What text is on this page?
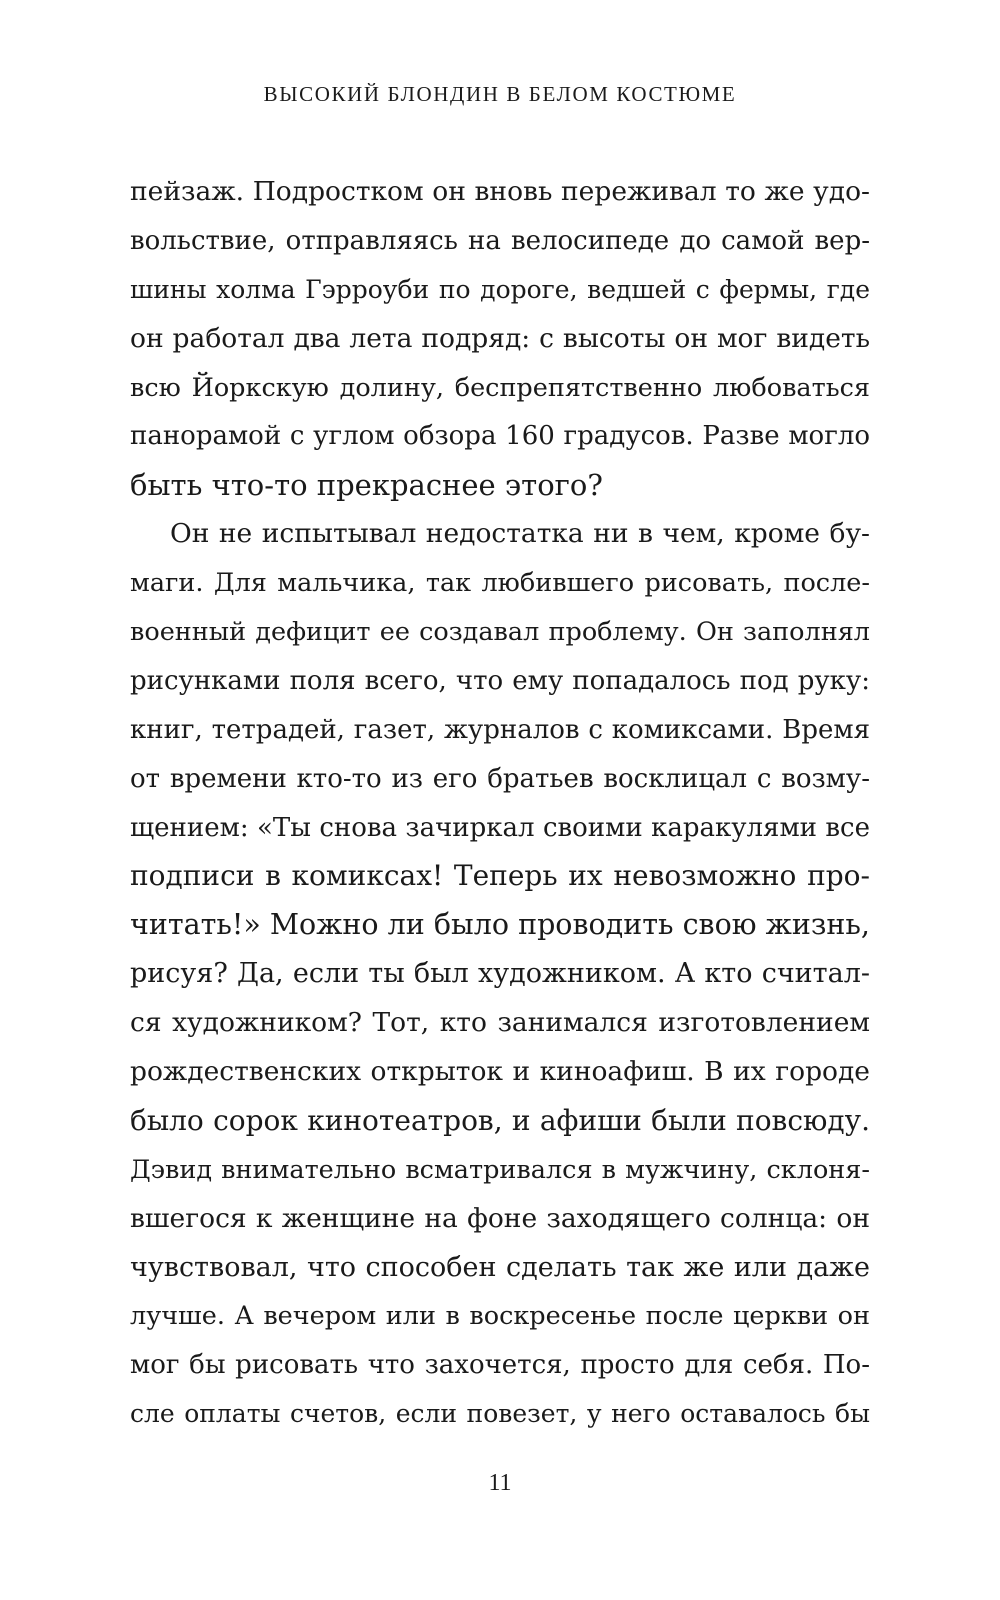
ВЫСОКИЙ БЛОНДИН В БЕЛОМ КОСТЮМЕ
пейзаж. Подростком он вновь переживал то же удо-
вольствие, отправляясь на велосипеде до самой вер-
шины холма Гэрроуби по дороге, ведшей с фермы, где
он работал два лета подряд: с высоты он мог видеть
всю Йоркскую долину, беспрепятственно любоваться
панорамой с углом обзора 160 градусов. Разве могло
быть что-то прекраснее этого?
Он не испытывал недостатка ни в чем, кроме бу-
маги. Для мальчика, так любившего рисовать, после-
военный дефицит ее создавал проблему. Он заполнял
рисунками поля всего, что ему попадалось под руку:
книг, тетрадей, газет, журналов с комиксами. Время
от времени кто-то из его братьев восклицал с возму-
щением: «Ты снова зачиркал своими каракулями все
подписи в комиксах! Теперь их невозможно про-
читать!» Можно ли было проводить свою жизнь,
рисуя? Да, если ты был художником. А кто считал-
ся художником? Тот, кто занимался изготовлением
рождественских открыток и киноафиш. В их городе
было сорок кинотеатров, и афиши были повсюду.
Дэвид внимательно всматривался в мужчину, склоня-
вшегося к женщине на фоне заходящего солнца: он
чувствовал, что способен сделать так же или даже
лучше. А вечером или в воскресенье после церкви он
мог бы рисовать что захочется, просто для себя. По-
сле оплаты счетов, если повезет, у него оставалось бы
11
